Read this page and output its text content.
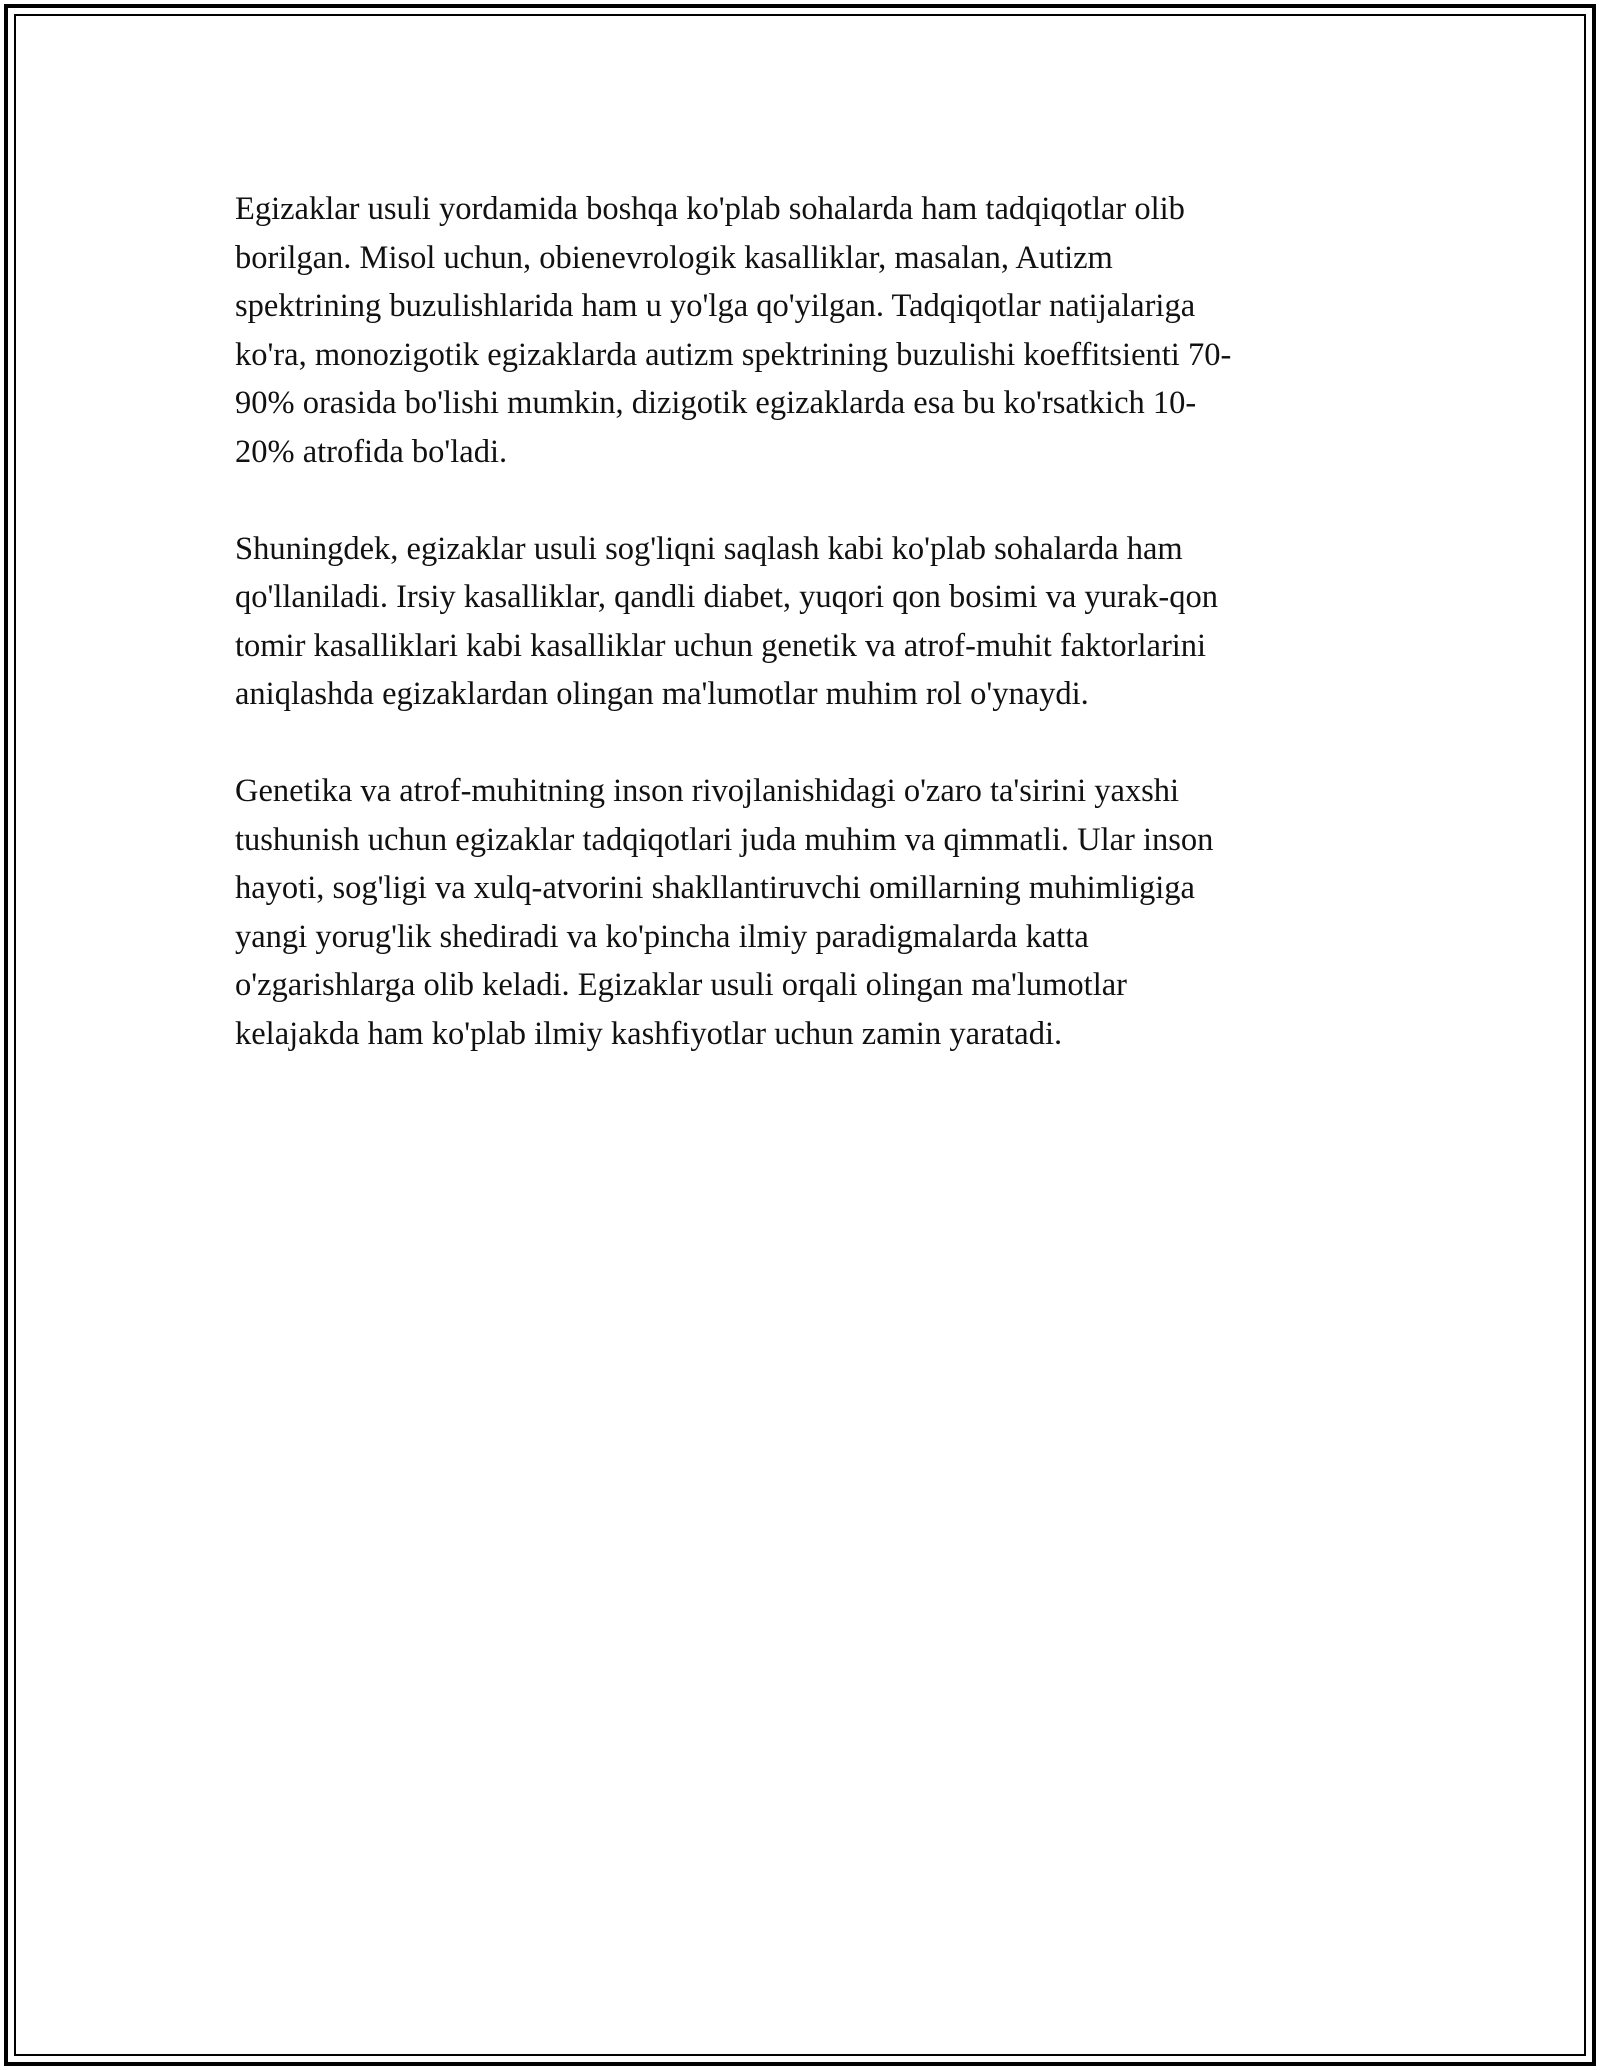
Egizaklar usuli yordamida boshqa ko'plab sohalarda ham tadqiqotlar olib
borilgan. Misol uchun, obienevrologik kasalliklar, masalan, Autizm
spektrining buzulishlarida ham u yo'lga qo'yilgan. Tadqiqotlar natijalariga
ko'ra, monozigotik egizaklarda autizm spektrining buzulishi koeffitsienti 70-
90% orasida bo'lishi mumkin, dizigotik egizaklarda esa bu ko'rsatkich 10-
20% atrofida bo'ladi.

Shuningdek, egizaklar usuli sog'liqni saqlash kabi ko'plab sohalarda ham
qo'llaniladi. Irsiy kasalliklar, qandli diabet, yuqori qon bosimi va yurak-qon
tomir kasalliklari kabi kasalliklar uchun genetik va atrof-muhit faktorlarini
aniqlashda egizaklardan olingan ma'lumotlar muhim rol o'ynaydi.

Genetika va atrof-muhitning inson rivojlanishidagi o'zaro ta'sirini yaxshi
tushunish uchun egizaklar tadqiqotlari juda muhim va qimmatli. Ular inson
hayoti, sog'ligi va xulq-atvorini shakllantiruvchi omillarning muhimligiga
yangi yorug'lik shediradi va ko'pincha ilmiy paradigmalarda katta
o'zgarishlarga olib keladi. Egizaklar usuli orqali olingan ma'lumotlar
kelajakda ham ko'plab ilmiy kashfiyotlar uchun zamin yaratadi.
